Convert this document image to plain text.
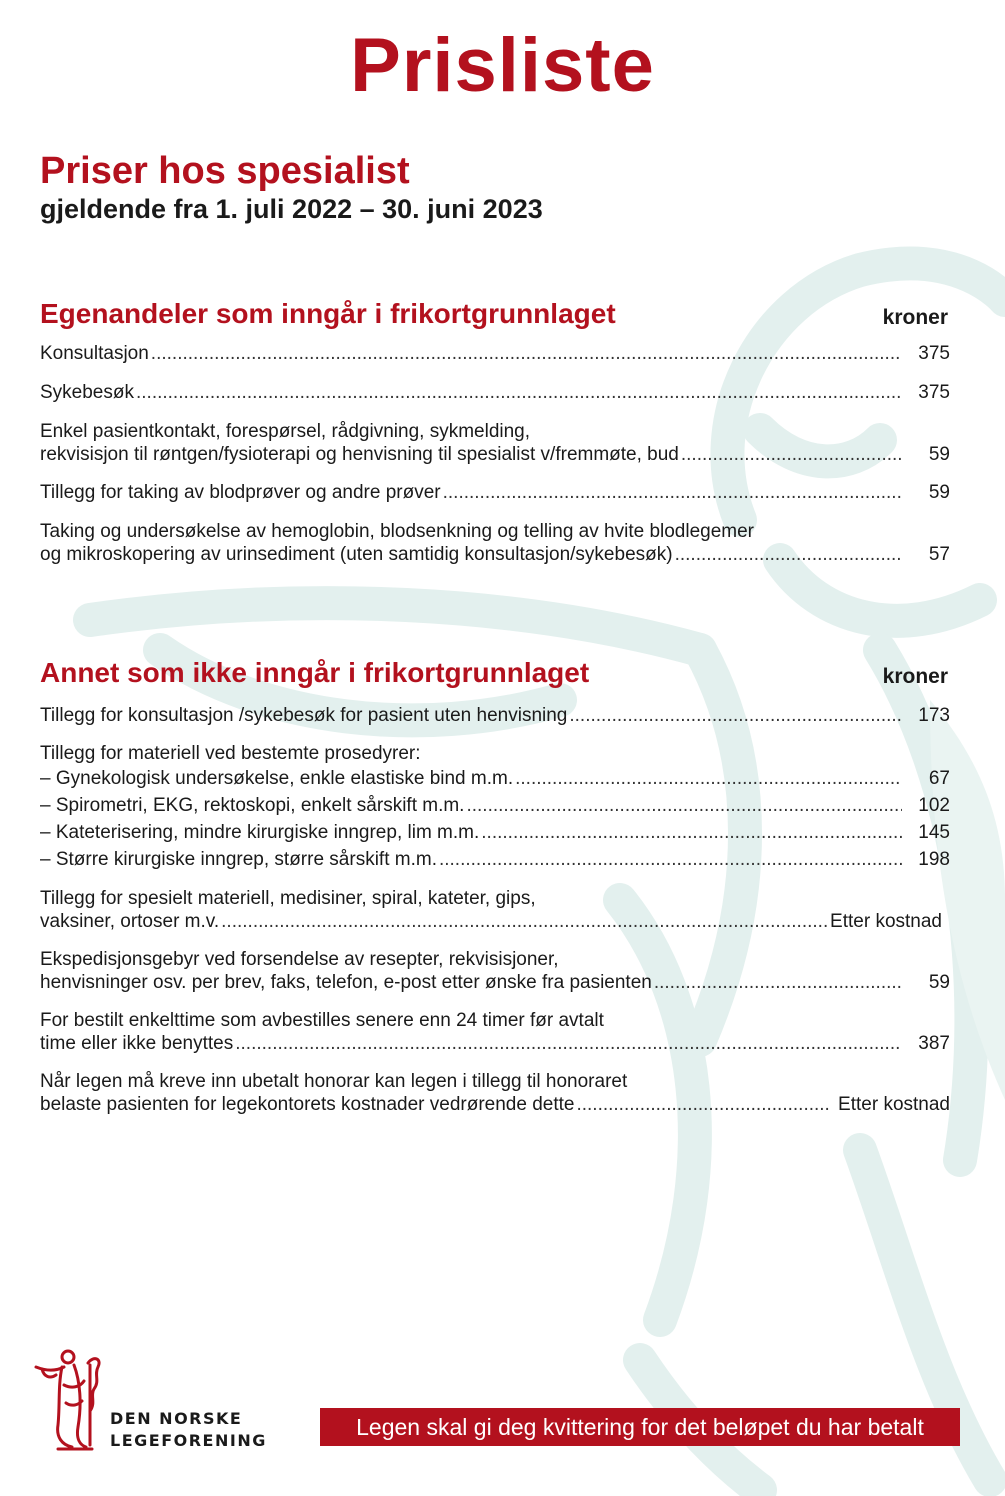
Prisliste
Priser hos spesialist
gjeldende fra 1. juli 2022 – 30. juni 2023
Egenandeler som inngår i frikortgrunnlaget	kroner
Konsultasjon .....	375
Sykebesøk .....	375
Enkel pasientkontakt, forespørsel, rådgivning, sykmelding,
rekvisisjon til røntgen/fysioterapi og henvisning til spesialist v/fremmøte, bud .....	59
Tillegg for taking av blodprøver og andre prøver .....	59
Taking og undersøkelse av hemoglobin, blodsenkning og telling av hvite blodlegemer
og mikroskopering av urinsediment (uten samtidig konsultasjon/sykebesøk) .....	57
Annet som ikke inngår i frikortgrunnlaget	kroner
Tillegg for konsultasjon /sykebesøk for pasient uten henvisning .....	173
Tillegg for materiell ved bestemte prosedyrer:
– Gynekologisk undersøkelse, enkle elastiske bind m.m. .....	67
– Spirometri, EKG, rektoskopi, enkelt sårskift m.m. .....	102
– Kateterisering, mindre kirurgiske inngrep, lim m.m. .....	145
– Større kirurgiske inngrep, større sårskift m.m. .....	198
Tillegg for spesielt materiell, medisiner, spiral, kateter, gips,
vaksiner, ortoser m.v. .....	Etter kostnad
Ekspedisjonsgebyr ved forsendelse av resepter, rekvisisjoner,
henvisninger osv. per brev, faks, telefon, e-post etter ønske fra pasienten .....	59
For bestilt enkelttime som avbestilles senere enn 24 timer før avtalt
time eller ikke benyttes .....	387
Når legen må kreve inn ubetalt honorar kan legen i tillegg til honoraret
belaste pasienten for legekontorets kostnader vedrørende dette .....	Etter kostnad
DEN NORSKE
LEGEFORENING
Legen skal gi deg kvittering for det beløpet du har betalt
